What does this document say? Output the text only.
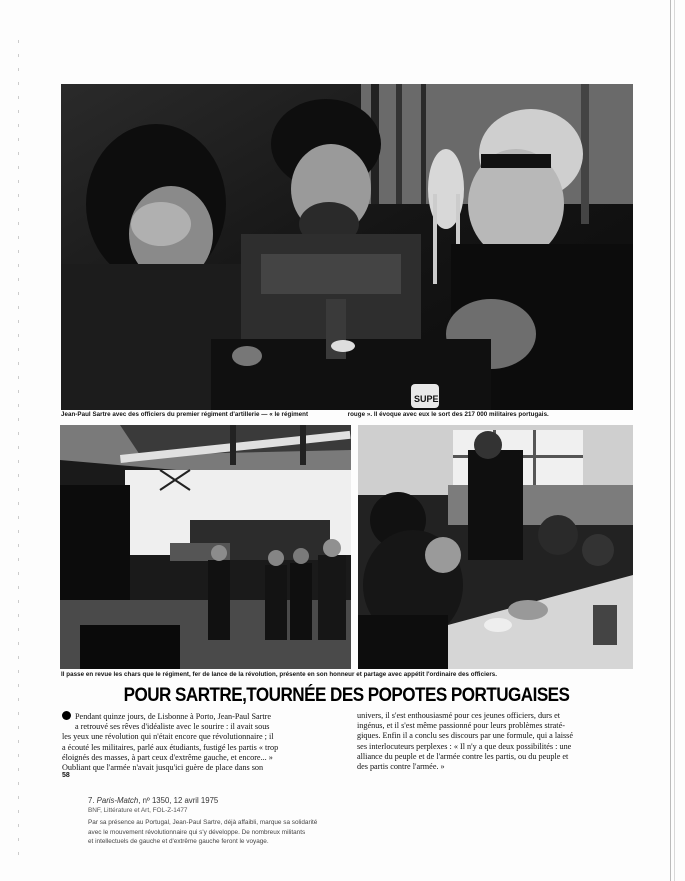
SUPE
Jean-Paul Sartre avec des officiers du premier régiment d'artillerie — « le régiment	rouge ». Il évoque avec eux le sort des 217 000 militaires portugais.
Il passe en revue les chars que le régiment, fer de lance de la révolution, présente en son honneur et partage avec appétit l'ordinaire des officiers.
POUR SARTRE,TOURNÉE DES POPOTES PORTUGAISES
Pendant quinze jours, de Lisbonne à Porto, Jean-Paul Sartre
a retrouvé ses rêves d'idéaliste avec le sourire : il avait sous
les yeux une révolution qui n'était encore que révolutionnaire ; il
a écouté les militaires, parlé aux étudiants, fustigé les partis « trop
éloignés des masses, à part ceux d'extrême gauche, et encore... »
Oubliant que l'armée n'avait jusqu'ici guère de place dans son
univers, il s'est enthousiasmé pour ces jeunes officiers, durs et
ingénus, et il s'est même passionné pour leurs problèmes straté-
giques. Enfin il a conclu ses discours par une formule, qui a laissé
ses interlocuteurs perplexes : « Il n'y a que deux possibilités : une
alliance du peuple et de l'armée contre les partis, ou du peuple et
des partis contre l'armée. »
58
7. Paris-Match, nº 1350, 12 avril 1975
BNF, Littérature et Art, FOL-Z-1477
Par sa présence au Portugal, Jean-Paul Sartre, déjà affaibli, marque sa solidarité
avec le mouvement révolutionnaire qui s'y développe. De nombreux militants
et intellectuels de gauche et d'extrême gauche feront le voyage.
